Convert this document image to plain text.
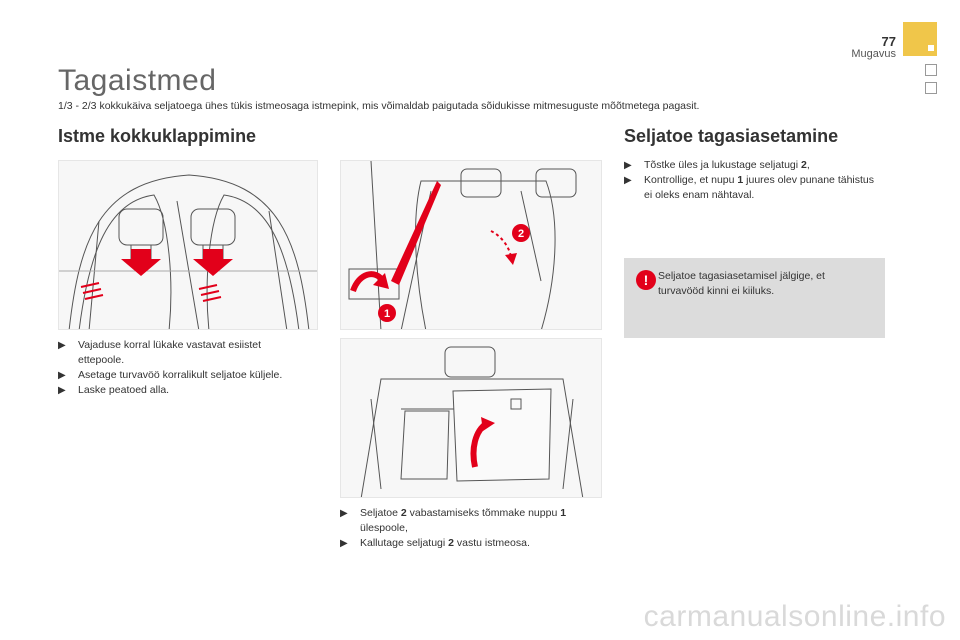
77
Mugavus
Tagaistmed
1/3 - 2/3 kokkukäiva seljatoega ühes tükis istmeosaga istmepink, mis võimaldab paigutada sõidukisse mitmesuguste mõõtmetega pagasit.
Istme kokkuklappimine

▶ Vajaduse korral lükake vastavat esiistet ettepoole.

▶ Asetage turvavöö korralikult seljatoe küljele.

▶ Laske peatoed alla.

1
2

▶ Seljatoe 2 vabastamiseks tõmmake nuppu 1 ülespoole,

▶ Kallutage seljatugi 2 vastu istmeosa.

Seljatoe tagasiasetamine

▶ Tõstke üles ja lukustage seljatugi 2,

▶ Kontrollige, et nupu 1 juures olev punane tähistus ei oleks enam nähtaval.

! Seljatoe tagasiasetamisel jälgige, et turvavööd kinni ei kiiluks.
carmanualsonline.info
